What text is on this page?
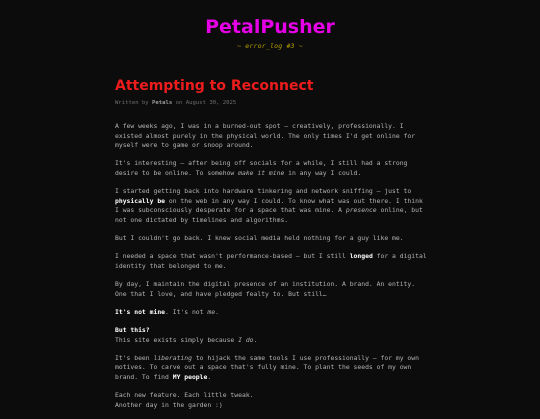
PetalPusher
~ error_log #3 ~
Attempting to Reconnect
Written by Petals on August 30, 2025

A few weeks ago, I was in a burned-out spot — creatively, professionally. I existed almost purely in the physical world. The only times I'd get online for myself were to game or snoop around.

It's interesting — after being off socials for a while, I still had a strong desire to be online. To somehow make it mine in any way I could.

I started getting back into hardware tinkering and network sniffing — just to physically be on the web in any way I could. To know what was out there. I think I was subconsciously desperate for a space that was mine. A presence online, but not one dictated by timelines and algorithms.

But I couldn't go back. I knew social media held nothing for a guy like me.

I needed a space that wasn't performance-based — but I still longed for a digital identity that belonged to me.

By day, I maintain the digital presence of an institution. A brand. An entity. One that I love, and have pledged fealty to. But still…

It's not mine. It's not me.

But this?
This site exists simply because I do.

It's been liberating to hijack the same tools I use professionally — for my own motives. To carve out a space that's fully mine. To plant the seeds of my own brand. To find MY people.

Each new feature. Each little tweak.
Another day in the garden :)
